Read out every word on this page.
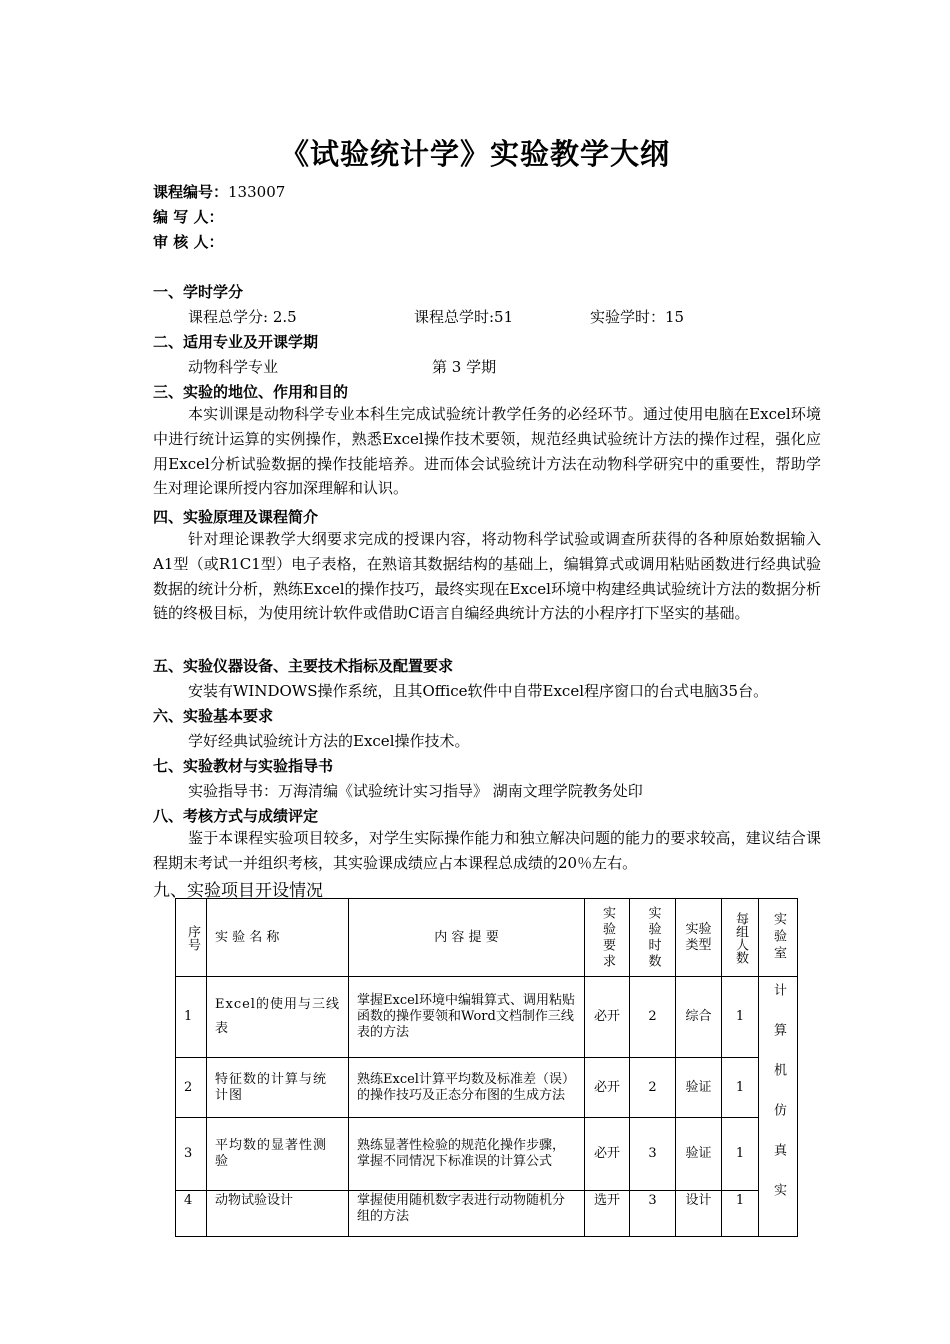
《试验统计学》实验教学大纲
课程编号：133007
编 写 人：
审 核 人：
一、学时学分
课程总学分: 2.5	课程总学时:51	实验学时：15
二、适用专业及开课学期
动物科学专业	第 3 学期
三、实验的地位、作用和目的
本实训课是动物科学专业本科生完成试验统计教学任务的必经环节。通过使用电脑在Excel环境中进行统计运算的实例操作，熟悉Excel操作技术要领，规范经典试验统计方法的操作过程，强化应用Excel分析试验数据的操作技能培养。进而体会试验统计方法在动物科学研究中的重要性，帮助学生对理论课所授内容加深理解和认识。
四、实验原理及课程简介
针对理论课教学大纲要求完成的授课内容，将动物科学试验或调查所获得的各种原始数据输入A1型（或R1C1型）电子表格，在熟谙其数据结构的基础上，编辑算式或调用粘贴函数进行经典试验数据的统计分析，熟练Excel的操作技巧，最终实现在Excel环境中构建经典试验统计方法的数据分析链的终极目标，为使用统计软件或借助C语言自编经典统计方法的小程序打下坚实的基础。
五、实验仪器设备、主要技术指标及配置要求
安装有WINDOWS操作系统，且其Office软件中自带Excel程序窗口的台式电脑35台。
六、实验基本要求
学好经典试验统计方法的Excel操作技术。
七、实验教材与实验指导书
实验指导书：万海清编《试验统计实习指导》 湖南文理学院教务处印
八、考核方式与成绩评定
鉴于本课程实验项目较多，对学生实际操作能力和独立解决问题的能力的要求较高，建议结合课程期末考试一并组织考核，其实验课成绩应占本课程总成绩的20％左右。
九、实验项目开设情况
序号	实 验 名 称	内 容 提 要	实验要求	实验时数	实验类型	每组人数	实验室

1	Excel的使用与三线表	掌握Excel环境中编辑算式、调用粘贴函数的操作要领和Word文档制作三线表的方法	必开	2	综合	1	计算机仿真实

2	特征数的计算与统计图	熟练Excel计算平均数及标准差（误）的操作技巧及正态分布图的生成方法	必开	2	验证	1	
3	平均数的显著性测验	熟练显著性检验的规范化操作步骤，掌握不同情况下标准误的计算公式	必开	3	验证	1	
4	动物试验设计	掌握使用随机数字表进行动物随机分组的方法	选开	3	设计	1	
